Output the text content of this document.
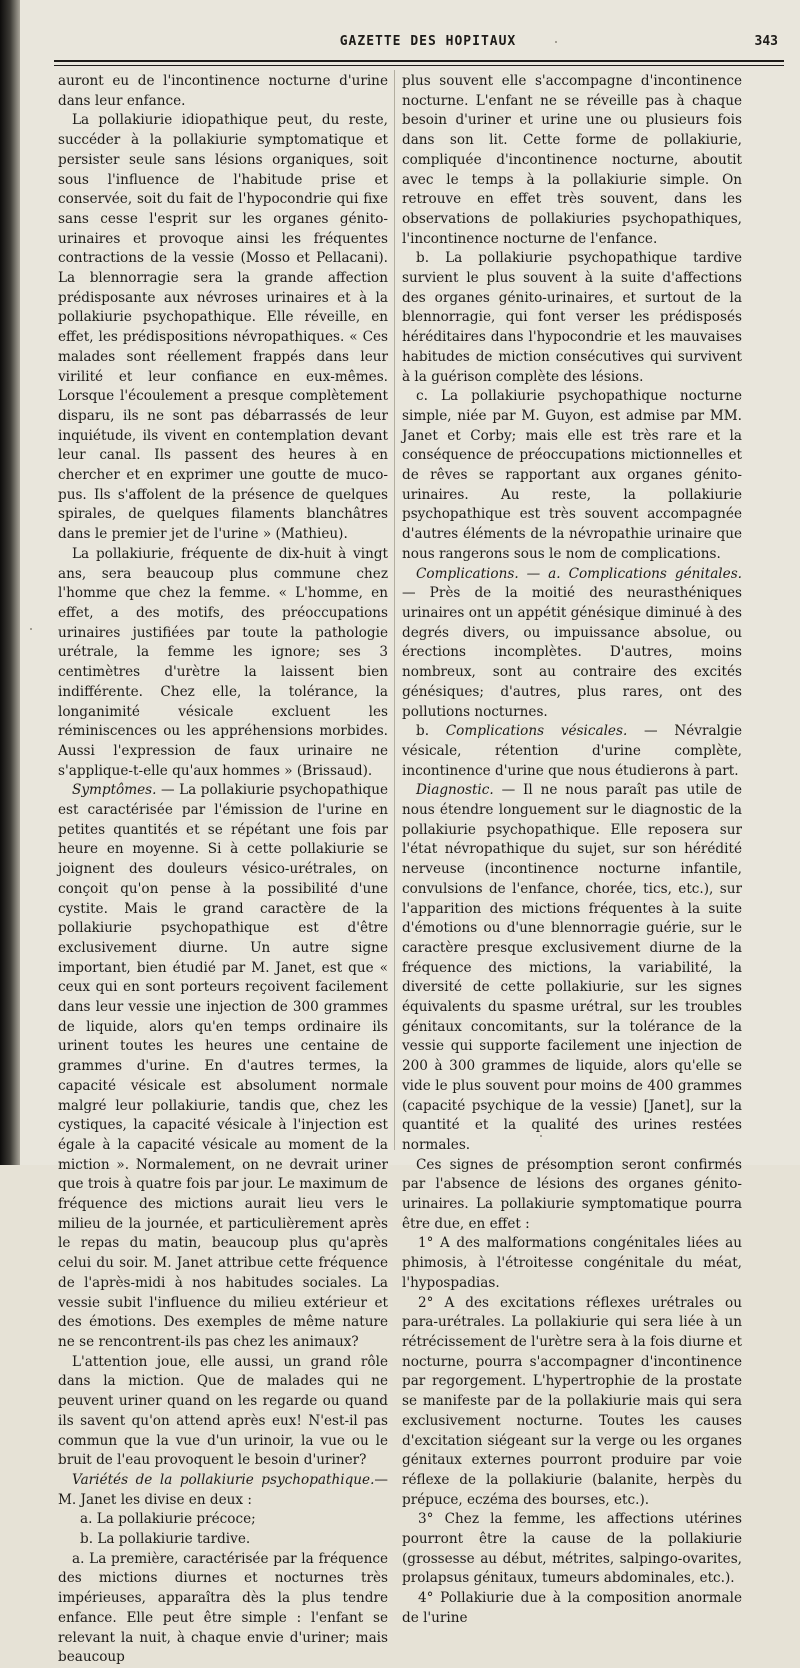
GAZETTE DES HOPITAUX	343

auront eu de l'incontinence nocturne d'urine dans leur enfance.

La pollakiurie idiopathique peut, du reste, succéder à la pollakiurie symptomatique et persister seule sans lésions organiques, soit sous l'influence de l'habitude prise et conservée, soit du fait de l'hypocondrie qui fixe sans cesse l'esprit sur les organes génito-urinaires et provoque ainsi les fréquentes contractions de la vessie (Mosso et Pellacani). La blennorragie sera la grande affection prédisposante aux névroses urinaires et à la pollakiurie psychopathique. Elle réveille, en effet, les prédispositions névropathiques. « Ces malades sont réellement frappés dans leur virilité et leur confiance en eux-mêmes. Lorsque l'écoulement a presque complètement disparu, ils ne sont pas débarrassés de leur inquiétude, ils vivent en contemplation devant leur canal. Ils passent des heures à en chercher et en exprimer une goutte de muco-pus. Ils s'affolent de la présence de quelques spirales, de quelques filaments blanchâtres dans le premier jet de l'urine » (Mathieu).

La pollakiurie, fréquente de dix-huit à vingt ans, sera beaucoup plus commune chez l'homme que chez la femme. « L'homme, en effet, a des motifs, des préoccupations urinaires justifiées par toute la pathologie urétrale, la femme les ignore; ses 3 centimètres d'urètre la laissent bien indifférente. Chez elle, la tolérance, la longanimité vésicale excluent les réminiscences ou les appréhensions morbides. Aussi l'expression de faux urinaire ne s'applique-t-elle qu'aux hommes » (Brissaud).

Symptômes. — La pollakiurie psychopathique est caractérisée par l'émission de l'urine en petites quantités et se répétant une fois par heure en moyenne. Si à cette pollakiurie se joignent des douleurs vésico-urétrales, on conçoit qu'on pense à la possibilité d'une cystite. Mais le grand caractère de la pollakiurie psychopathique est d'être exclusivement diurne. Un autre signe important, bien étudié par M. Janet, est que « ceux qui en sont porteurs reçoivent facilement dans leur vessie une injection de 300 grammes de liquide, alors qu'en temps ordinaire ils urinent toutes les heures une centaine de grammes d'urine. En d'autres termes, la capacité vésicale est absolument normale malgré leur pollakiurie, tandis que, chez les cystiques, la capacité vésicale à l'injection est égale à la capacité vésicale au moment de la miction ». Normalement, on ne devrait uriner que trois à quatre fois par jour. Le maximum de fréquence des mictions aurait lieu vers le milieu de la journée, et particulièrement après le repas du matin, beaucoup plus qu'après celui du soir. M. Janet attribue cette fréquence de l'après-midi à nos habitudes sociales. La vessie subit l'influence du milieu extérieur et des émotions. Des exemples de même nature ne se rencontrent-ils pas chez les animaux?

L'attention joue, elle aussi, un grand rôle dans la miction. Que de malades qui ne peuvent uriner quand on les regarde ou quand ils savent qu'on attend après eux! N'est-il pas commun que la vue d'un urinoir, la vue ou le bruit de l'eau provoquent le besoin d'uriner?

Variétés de la pollakiurie psychopathique.— M. Janet les divise en deux :

a. La pollakiurie précoce;

b. La pollakiurie tardive.

a. La première, caractérisée par la fréquence des mictions diurnes et nocturnes très impérieuses, apparaîtra dès la plus tendre enfance. Elle peut être simple : l'enfant se relevant la nuit, à chaque envie d'uriner; mais beaucoup

plus souvent elle s'accompagne d'incontinence nocturne. L'enfant ne se réveille pas à chaque besoin d'uriner et urine une ou plusieurs fois dans son lit. Cette forme de pollakiurie, compliquée d'incontinence nocturne, aboutit avec le temps à la pollakiurie simple. On retrouve en effet très souvent, dans les observations de pollakiuries psychopathiques, l'incontinence nocturne de l'enfance.

b. La pollakiurie psychopathique tardive survient le plus souvent à la suite d'affections des organes génito-urinaires, et surtout de la blennorragie, qui font verser les prédisposés héréditaires dans l'hypocondrie et les mauvaises habitudes de miction consécutives qui survivent à la guérison complète des lésions.

c. La pollakiurie psychopathique nocturne simple, niée par M. Guyon, est admise par MM. Janet et Corby; mais elle est très rare et la conséquence de préoccupations mictionnelles et de rêves se rapportant aux organes génito-urinaires. Au reste, la pollakiurie psychopathique est très souvent accompagnée d'autres éléments de la névropathie urinaire que nous rangerons sous le nom de complications.

Complications. — a. Complications génitales. — Près de la moitié des neurasthéniques urinaires ont un appétit génésique diminué à des degrés divers, ou impuissance absolue, ou érections incomplètes. D'autres, moins nombreux, sont au contraire des excités génésiques; d'autres, plus rares, ont des pollutions nocturnes.

b. Complications vésicales. — Névralgie vésicale, rétention d'urine complète, incontinence d'urine que nous étudierons à part.

Diagnostic. — Il ne nous paraît pas utile de nous étendre longuement sur le diagnostic de la pollakiurie psychopathique. Elle reposera sur l'état névropathique du sujet, sur son hérédité nerveuse (incontinence nocturne infantile, convulsions de l'enfance, chorée, tics, etc.), sur l'apparition des mictions fréquentes à la suite d'émotions ou d'une blennorragie guérie, sur le caractère presque exclusivement diurne de la fréquence des mictions, la variabilité, la diversité de cette pollakiurie, sur les signes équivalents du spasme urétral, sur les troubles génitaux concomitants, sur la tolérance de la vessie qui supporte facilement une injection de 200 à 300 grammes de liquide, alors qu'elle se vide le plus souvent pour moins de 400 grammes (capacité psychique de la vessie) [Janet], sur la quantité et la qualité des urines restées normales.

Ces signes de présomption seront confirmés par l'absence de lésions des organes génito-urinaires. La pollakiurie symptomatique pourra être due, en effet :

1° A des malformations congénitales liées au phimosis, à l'étroitesse congénitale du méat, l'hypospadias.

2° A des excitations réflexes urétrales ou para-urétrales. La pollakiurie qui sera liée à un rétrécissement de l'urètre sera à la fois diurne et nocturne, pourra s'accompagner d'incontinence par regorgement. L'hypertrophie de la prostate se manifeste par de la pollakiurie mais qui sera exclusivement nocturne. Toutes les causes d'excitation siégeant sur la verge ou les organes génitaux externes pourront produire par voie réflexe de la pollakiurie (balanite, herpès du prépuce, eczéma des bourses, etc.).

3° Chez la femme, les affections utérines pourront être la cause de la pollakiurie (grossesse au début, métrites, salpingo-ovarites, prolapsus génitaux, tumeurs abdominales, etc.).

4° Pollakiurie due à la composition anormale de l'urine
